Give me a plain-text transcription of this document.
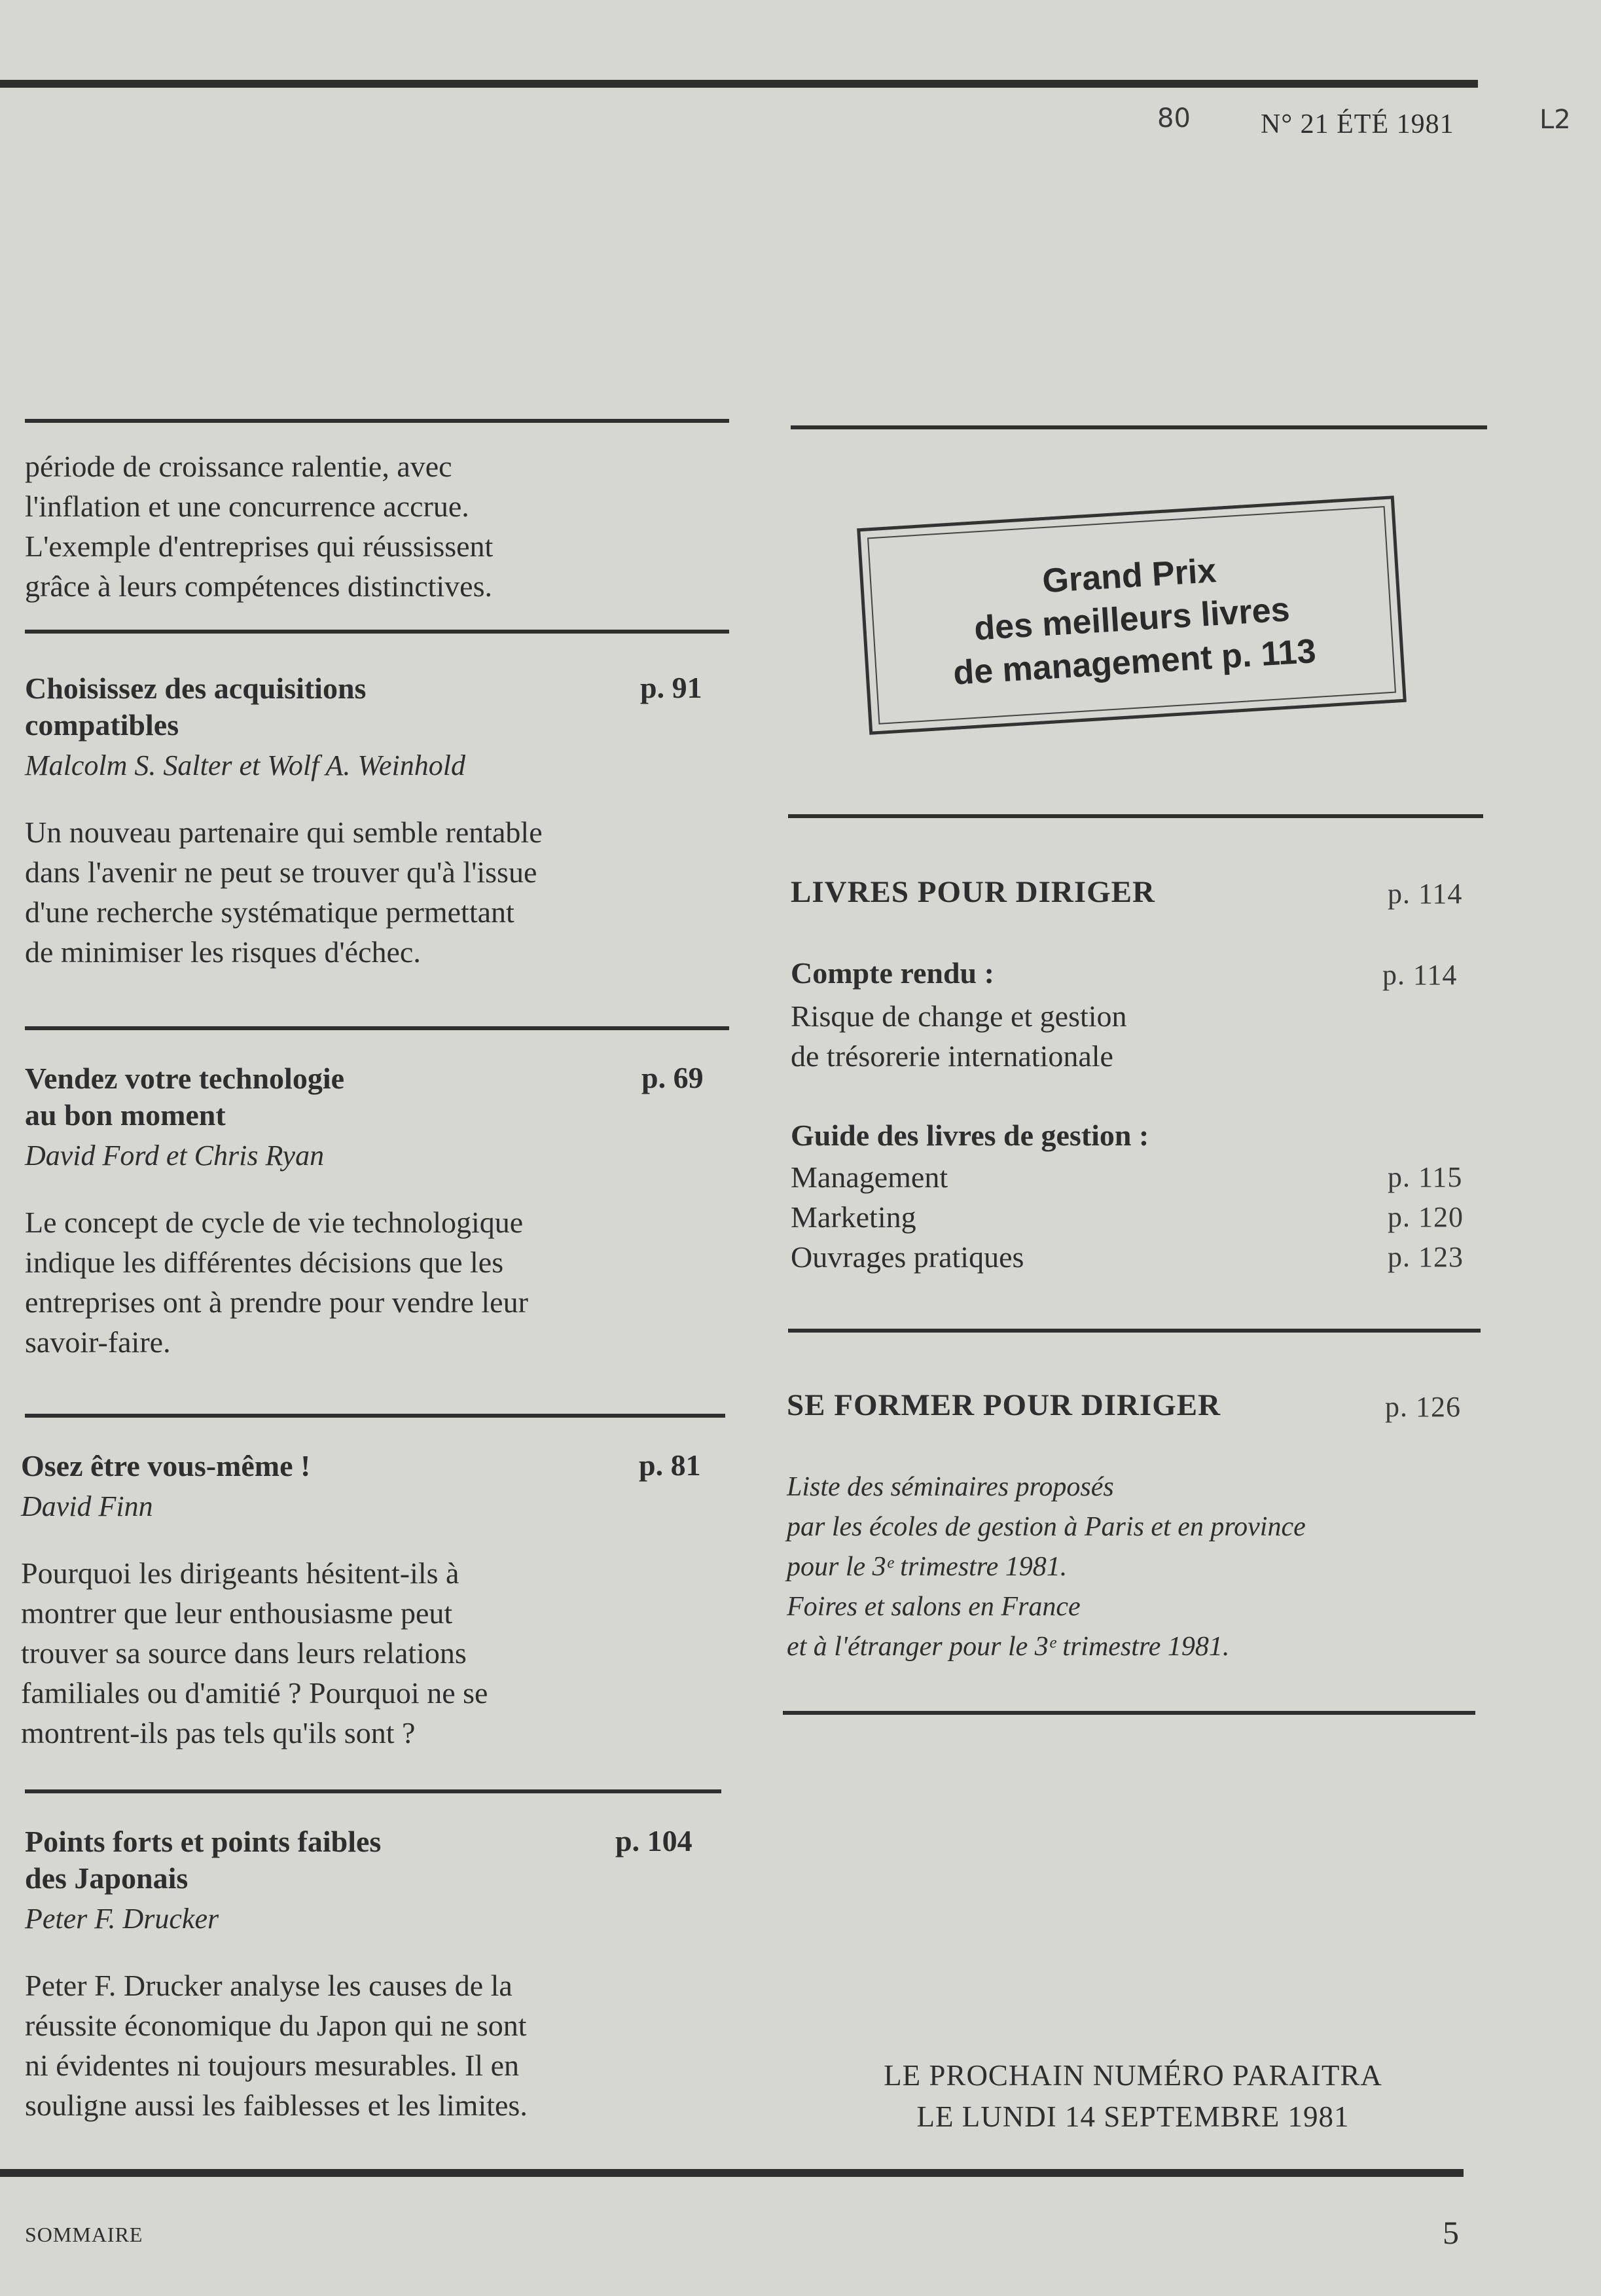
80	N° 21 ÉTÉ 1981	L2
période de croissance ralentie, avec
l'inflation et une concurrence accrue.
L'exemple d'entreprises qui réussissent
grâce à leurs compétences distinctives.
Choisissez des acquisitions
compatibles
p. 91
Malcolm S. Salter et Wolf A. Weinhold
Un nouveau partenaire qui semble rentable
dans l'avenir ne peut se trouver qu'à l'issue
d'une recherche systématique permettant
de minimiser les risques d'échec.
Vendez votre technologie
au bon moment
p. 69
David Ford et Chris Ryan
Le concept de cycle de vie technologique
indique les différentes décisions que les
entreprises ont à prendre pour vendre leur
savoir-faire.
Osez être vous-même !	p. 81
David Finn
Pourquoi les dirigeants hésitent-ils à
montrer que leur enthousiasme peut
trouver sa source dans leurs relations
familiales ou d'amitié ? Pourquoi ne se
montrent-ils pas tels qu'ils sont ?
Points forts et points faibles
des Japonais
p. 104
Peter F. Drucker
Peter F. Drucker analyse les causes de la
réussite économique du Japon qui ne sont
ni évidentes ni toujours mesurables. Il en
souligne aussi les faiblesses et les limites.
Grand Prix
des meilleurs livres
de management p. 113
LIVRES POUR DIRIGER	p. 114
Compte rendu :	p. 114
Risque de change et gestion
de trésorerie internationale
Guide des livres de gestion :
Management	p. 115
Marketing	p. 120
Ouvrages pratiques	p. 123
SE FORMER POUR DIRIGER	p. 126
Liste des séminaires proposés
par les écoles de gestion à Paris et en province
pour le 3ᵉ trimestre 1981.
Foires et salons en France
et à l'étranger pour le 3ᵉ trimestre 1981.
LE PROCHAIN NUMÉRO PARAITRA
LE LUNDI 14 SEPTEMBRE 1981
SOMMAIRE	5
